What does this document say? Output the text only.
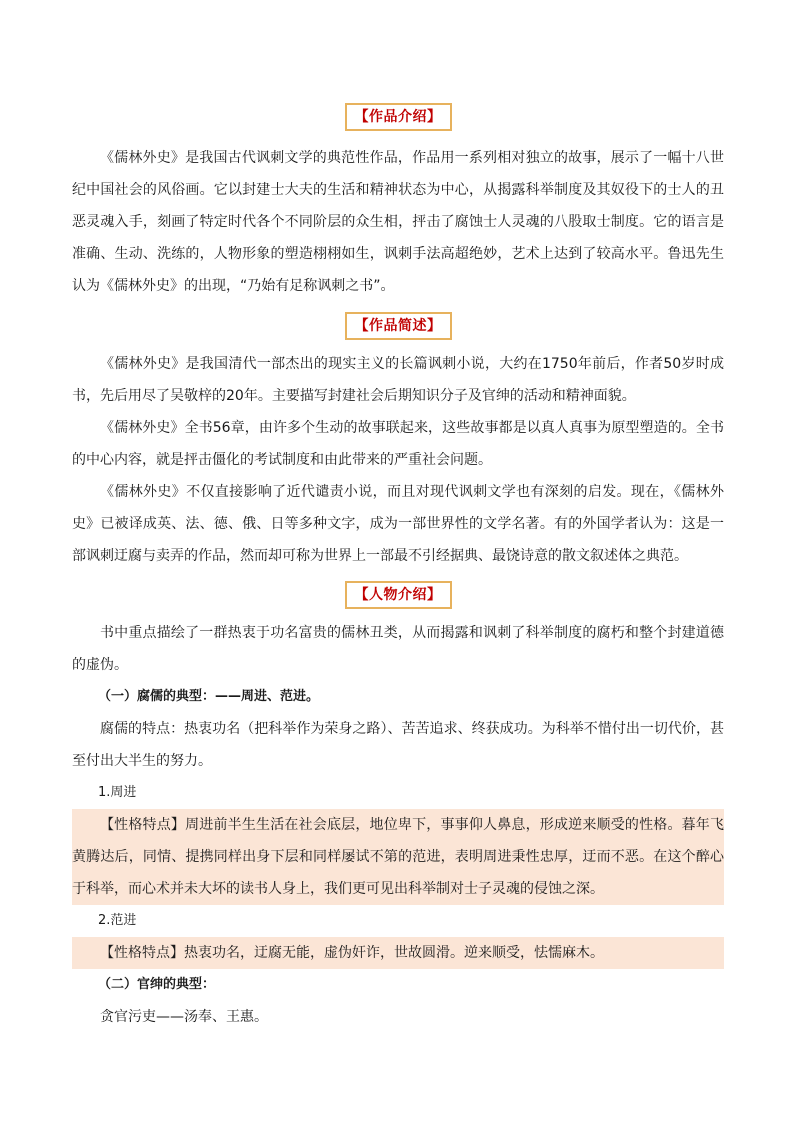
【作品介绍】

《儒林外史》是我国古代讽刺文学的典范性作品，作品用一系列相对独立的故事，展示了一幅十八世纪中国社会的风俗画。它以封建士大夫的生活和精神状态为中心，从揭露科举制度及其奴役下的士人的丑恶灵魂入手，刻画了特定时代各个不同阶层的众生相，抨击了腐蚀士人灵魂的八股取士制度。它的语言是准确、生动、洗练的，人物形象的塑造栩栩如生，讽刺手法高超绝妙，艺术上达到了较高水平。鲁迅先生认为《儒林外史》的出现，“乃始有足称讽刺之书”。

【作品简述】

《儒林外史》是我国清代一部杰出的现实主义的长篇讽刺小说，大约在1750年前后，作者50岁时成书，先后用尽了吴敬梓的20年。主要描写封建社会后期知识分子及官绅的活动和精神面貌。

《儒林外史》全书56章，由许多个生动的故事联起来，这些故事都是以真人真事为原型塑造的。全书的中心内容，就是抨击僵化的考试制度和由此带来的严重社会问题。

《儒林外史》不仅直接影响了近代谴责小说，而且对现代讽刺文学也有深刻的启发。现在，《儒林外史》已被译成英、法、德、俄、日等多种文字，成为一部世界性的文学名著。有的外国学者认为：这是一部讽刺迂腐与卖弄的作品，然而却可称为世界上一部最不引经据典、最饶诗意的散文叙述体之典范。

【人物介绍】

书中重点描绘了一群热衷于功名富贵的儒林丑类，从而揭露和讽刺了科举制度的腐朽和整个封建道德的虚伪。

（一）腐儒的典型：——周进、范进。

腐儒的特点：热衷功名（把科举作为荣身之路）、苦苦追求、终获成功。为科举不惜付出一切代价，甚至付出大半生的努力。

1.周进

【性格特点】周进前半生生活在社会底层，地位卑下，事事仰人鼻息，形成逆来顺受的性格。暮年飞黄腾达后，同情、提携同样出身下层和同样屡试不第的范进，表明周进秉性忠厚，迂而不恶。在这个醉心于科举，而心术并未大坏的读书人身上，我们更可见出科举制对士子灵魂的侵蚀之深。

2.范进

【性格特点】热衷功名，迂腐无能，虚伪奸诈，世故圆滑。逆来顺受，怯懦麻木。

（二）官绅的典型：

贪官污吏——汤奉、王惠。
